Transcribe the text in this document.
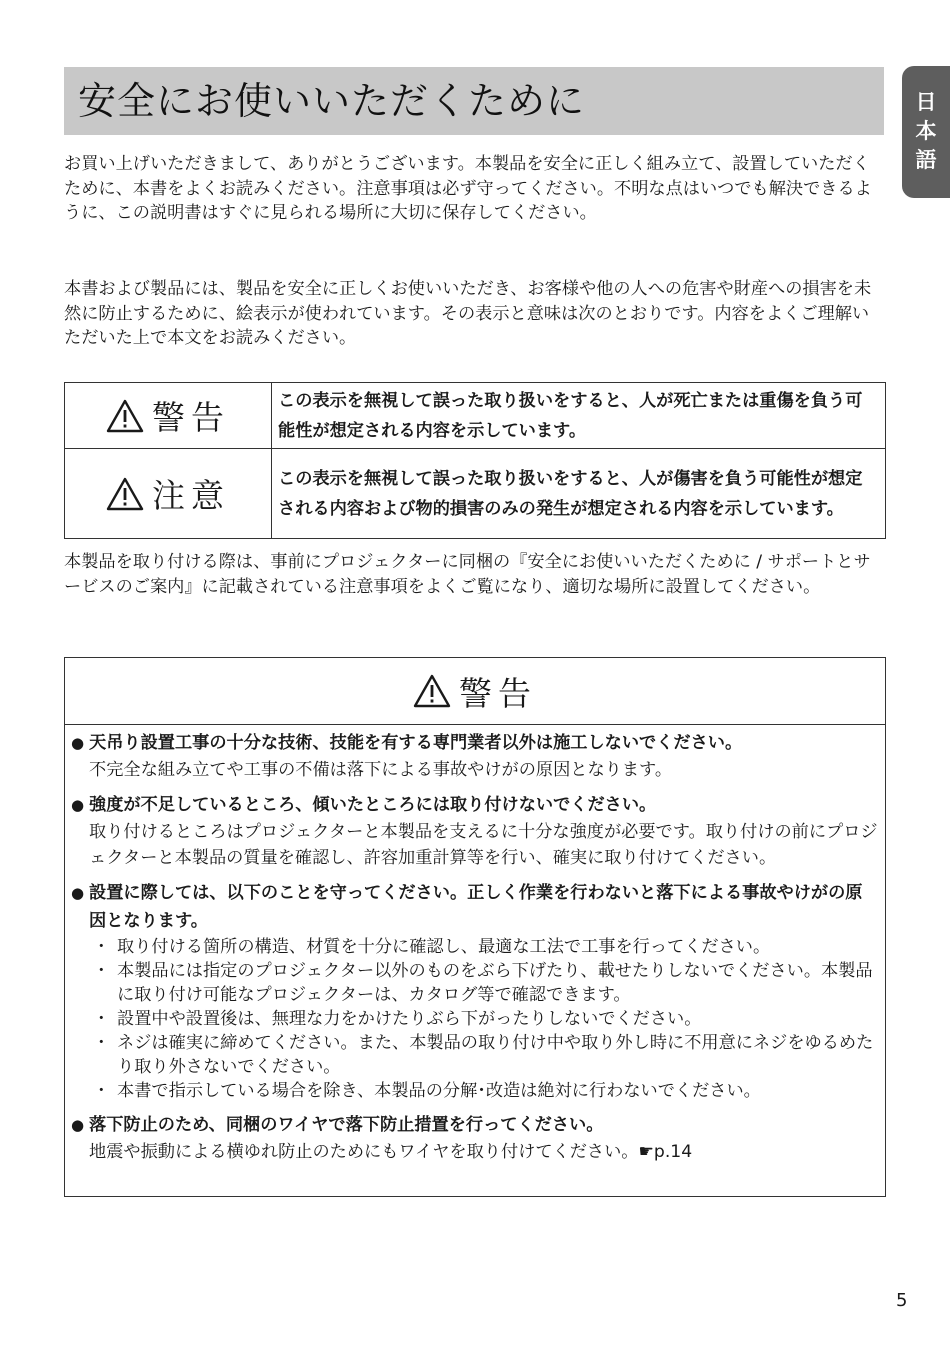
安全にお使いいただくために	日本語

お買い上げいただきまして、ありがとうございます。本製品を安全に正しく組み立て、設置していただくために、本書をよくお読みください。注意事項は必ず守ってください。不明な点はいつでも解決できるように、この説明書はすぐに見られる場所に大切に保存してください。

本書および製品には、製品を安全に正しくお使いいただき、お客様や他の人への危害や財産への損害を未然に防止するために、絵表示が使われています。その表示と意味は次のとおりです。内容をよくご理解いただいた上で本文をお読みください。

警告	この表示を無視して誤った取り扱いをすると、人が死亡または重傷を負う可能性が想定される内容を示しています。

注意	この表示を無視して誤った取り扱いをすると、人が傷害を負う可能性が想定される内容および物的損害のみの発生が想定される内容を示しています。

本製品を取り付ける際は、事前にプロジェクターに同梱の『安全にお使いいただくために / サポートとサービスのご案内』に記載されている注意事項をよくご覧になり、適切な場所に設置してください。

警告
● 天吊り設置工事の十分な技術、技能を有する専門業者以外は施工しないでください。
不完全な組み立てや工事の不備は落下による事故やけがの原因となります。
● 強度が不足しているところ、傾いたところには取り付けないでください。
取り付けるところはプロジェクターと本製品を支えるに十分な強度が必要です。取り付けの前にプロジェクターと本製品の質量を確認し、許容加重計算等を行い、確実に取り付けてください。
● 設置に際しては、以下のことを守ってください。正しく作業を行わないと落下による事故やけがの原因となります。
･ 取り付ける箇所の構造、材質を十分に確認し、最適な工法で工事を行ってください。
･ 本製品には指定のプロジェクター以外のものをぶら下げたり、載せたりしないでください。本製品に取り付け可能なプロジェクターは、カタログ等で確認できます。
･ 設置中や設置後は、無理な力をかけたりぶら下がったりしないでください。
･ ネジは確実に締めてください。また、本製品の取り付け中や取り外し時に不用意にネジをゆるめたり取り外さないでください。
･ 本書で指示している場合を除き、本製品の分解･改造は絶対に行わないでください。
● 落下防止のため、同梱のワイヤで落下防止措置を行ってください。
地震や振動による横ゆれ防止のためにもワイヤを取り付けてください。☛p.14
5
